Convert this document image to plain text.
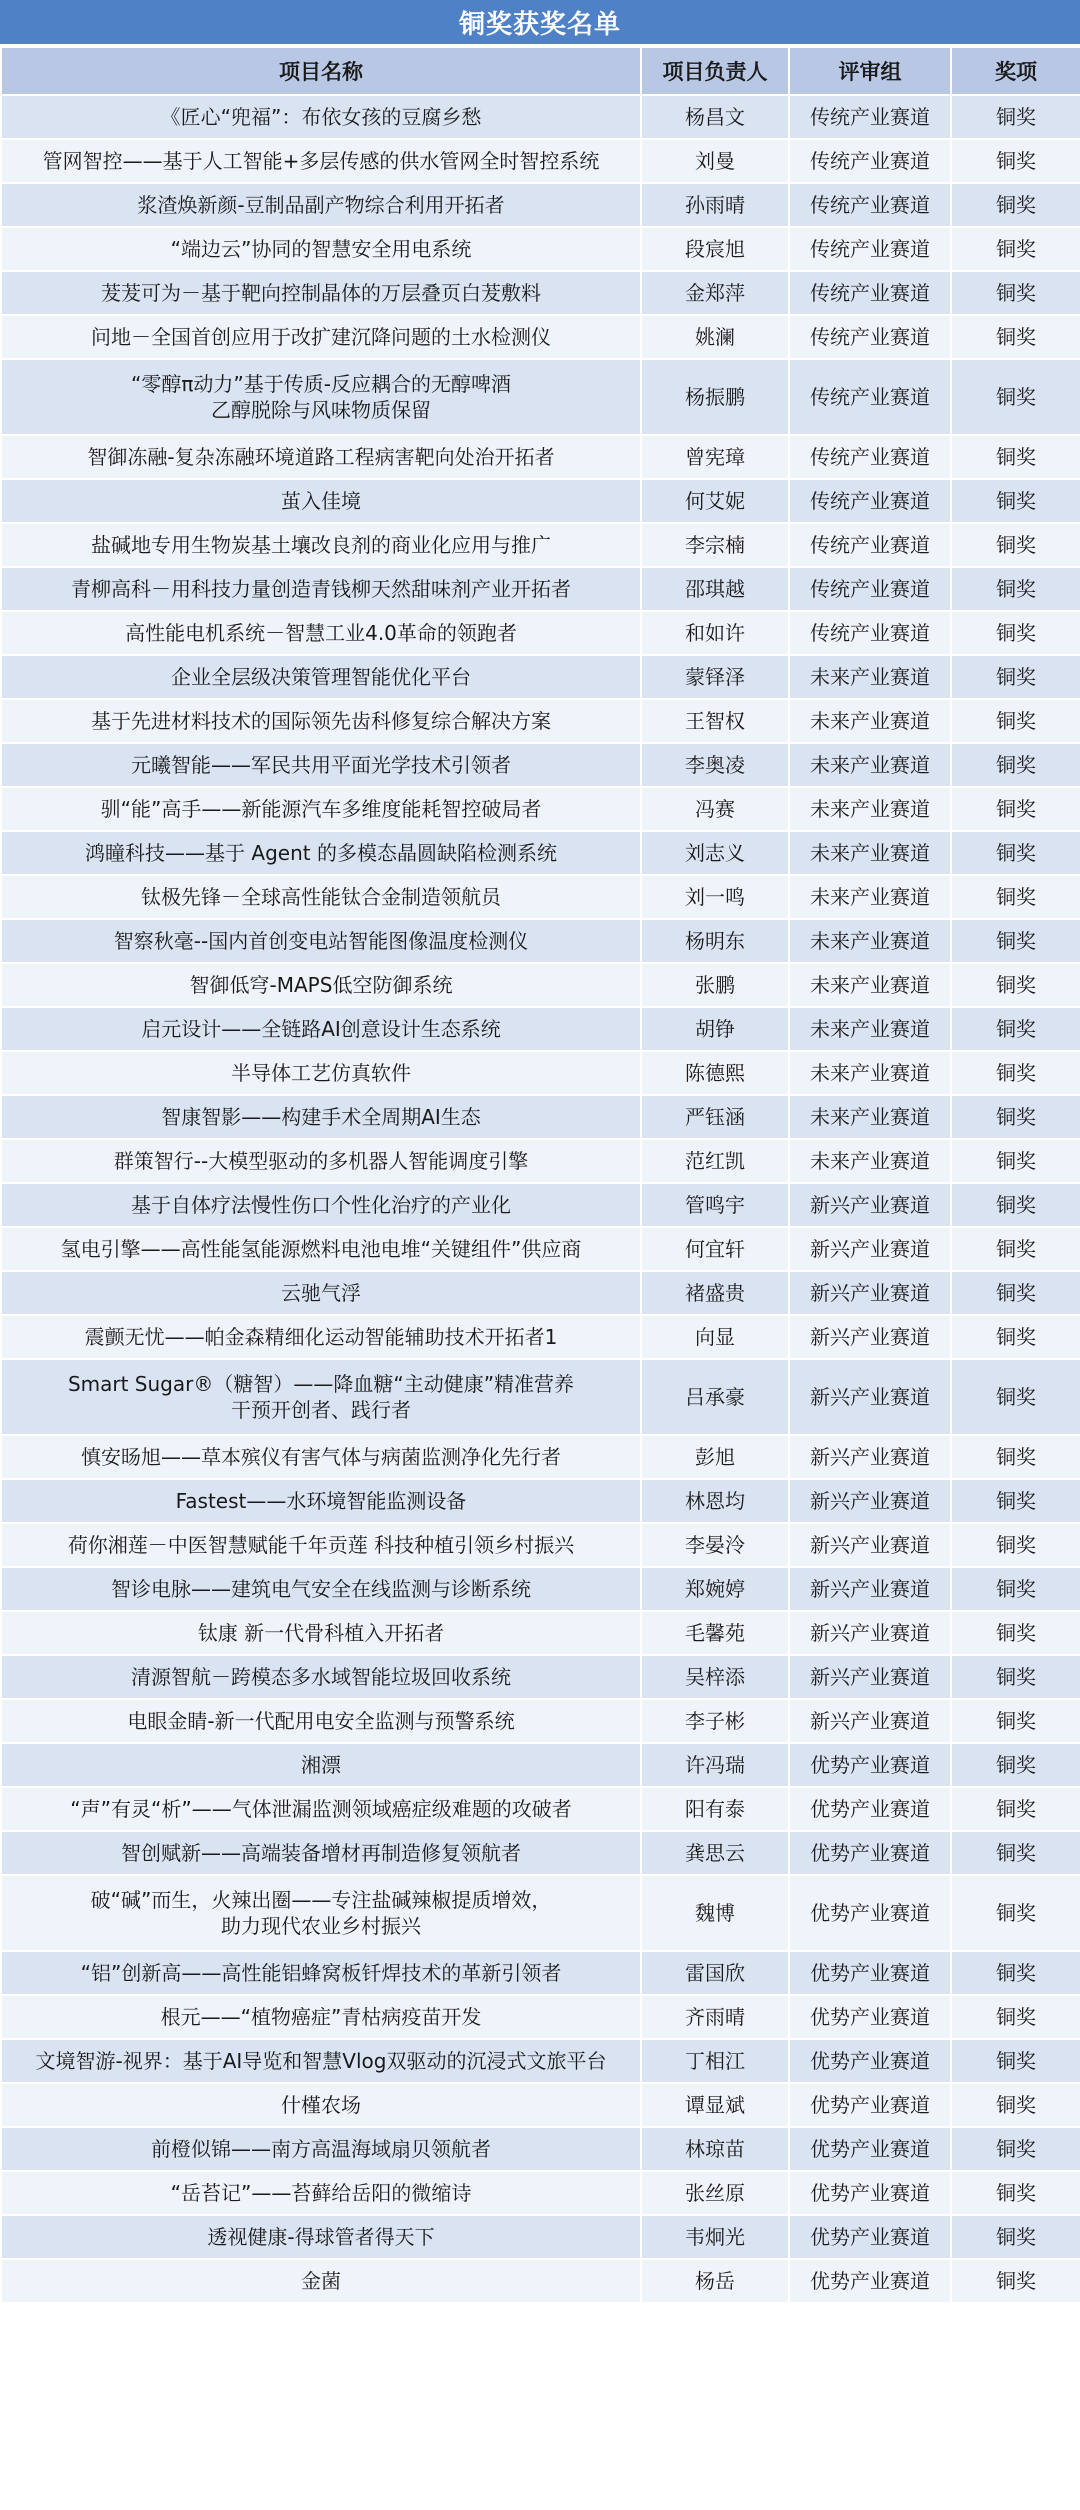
铜奖获奖名单
项目名称	项目负责人	评审组	奖项
《匠心“兜福”：布依女孩的豆腐乡愁	杨昌文	传统产业赛道	铜奖
管网智控——基于人工智能+多层传感的供水管网全时智控系统	刘曼	传统产业赛道	铜奖
浆渣焕新颜-豆制品副产物综合利用开拓者	孙雨晴	传统产业赛道	铜奖
“端边云”协同的智慧安全用电系统	段宸旭	传统产业赛道	铜奖
茇茇可为－基于靶向控制晶体的万层叠页白茇敷料	金郑萍	传统产业赛道	铜奖
问地－全国首创应用于改扩建沉降问题的土水检测仪	姚澜	传统产业赛道	铜奖
“零醇π动力”基于传质-反应耦合的无醇啤酒
乙醇脱除与风味物质保留	杨振鹏	传统产业赛道	铜奖
智御冻融-复杂冻融环境道路工程病害靶向处治开拓者	曾宪璋	传统产业赛道	铜奖
茧入佳境	何艾妮	传统产业赛道	铜奖
盐碱地专用生物炭基土壤改良剂的商业化应用与推广	李宗楠	传统产业赛道	铜奖
青柳高科－用科技力量创造青钱柳天然甜味剂产业开拓者	邵琪越	传统产业赛道	铜奖
高性能电机系统－智慧工业4.0革命的领跑者	和如许	传统产业赛道	铜奖
企业全层级决策管理智能优化平台	蒙铎泽	未来产业赛道	铜奖
基于先进材料技术的国际领先齿科修复综合解决方案	王智权	未来产业赛道	铜奖
元曦智能——军民共用平面光学技术引领者	李奥凌	未来产业赛道	铜奖
驯“能”高手——新能源汽车多维度能耗智控破局者	冯赛	未来产业赛道	铜奖
鸿瞳科技——基于 Agent 的多模态晶圆缺陷检测系统	刘志义	未来产业赛道	铜奖
钛极先锋－全球高性能钛合金制造领航员	刘一鸣	未来产业赛道	铜奖
智察秋毫--国内首创变电站智能图像温度检测仪	杨明东	未来产业赛道	铜奖
智御低穹-MAPS低空防御系统	张鹏	未来产业赛道	铜奖
启元设计——全链路AI创意设计生态系统	胡铮	未来产业赛道	铜奖
半导体工艺仿真软件	陈德熙	未来产业赛道	铜奖
智康智影——构建手术全周期AI生态	严钰涵	未来产业赛道	铜奖
群策智行--大模型驱动的多机器人智能调度引擎	范红凯	未来产业赛道	铜奖
基于自体疗法慢性伤口个性化治疗的产业化	管鸣宇	新兴产业赛道	铜奖
氢电引擎——高性能氢能源燃料电池电堆“关键组件”供应商	何宜轩	新兴产业赛道	铜奖
云驰气浮	褚盛贵	新兴产业赛道	铜奖
震颤无忧——帕金森精细化运动智能辅助技术开拓者1	向显	新兴产业赛道	铜奖
Smart Sugar®（糖智）——降血糖“主动健康”精准营养
干预开创者、践行者	吕承豪	新兴产业赛道	铜奖
慎安旸旭——草本殡仪有害气体与病菌监测净化先行者	彭旭	新兴产业赛道	铜奖
Fastest——水环境智能监测设备	林恩均	新兴产业赛道	铜奖
荷你湘莲－中医智慧赋能千年贡莲 科技种植引领乡村振兴	李晏泠	新兴产业赛道	铜奖
智诊电脉——建筑电气安全在线监测与诊断系统	郑婉婷	新兴产业赛道	铜奖
钛康 新一代骨科植入开拓者	毛馨苑	新兴产业赛道	铜奖
清源智航－跨模态多水域智能垃圾回收系统	吴梓添	新兴产业赛道	铜奖
电眼金睛-新一代配用电安全监测与预警系统	李子彬	新兴产业赛道	铜奖
湘漂	许冯瑞	优势产业赛道	铜奖
“声”有灵“析”——气体泄漏监测领域癌症级难题的攻破者	阳有泰	优势产业赛道	铜奖
智创赋新——高端装备增材再制造修复领航者	龚思云	优势产业赛道	铜奖
破“碱”而生，火辣出圈——专注盐碱辣椒提质增效，
助力现代农业乡村振兴	魏博	优势产业赛道	铜奖
“铝”创新高——高性能铝蜂窝板钎焊技术的革新引领者	雷国欣	优势产业赛道	铜奖
根元——“植物癌症”青枯病疫苗开发	齐雨晴	优势产业赛道	铜奖
文境智游-视界：基于AI导览和智慧Vlog双驱动的沉浸式文旅平台	丁相江	优势产业赛道	铜奖
什槿农场	谭显斌	优势产业赛道	铜奖
前橙似锦——南方高温海域扇贝领航者	林琼苗	优势产业赛道	铜奖
“岳苔记”——苔藓给岳阳的微缩诗	张丝原	优势产业赛道	铜奖
透视健康-得球管者得天下	韦炯光	优势产业赛道	铜奖
金菌	杨岳	优势产业赛道	铜奖
